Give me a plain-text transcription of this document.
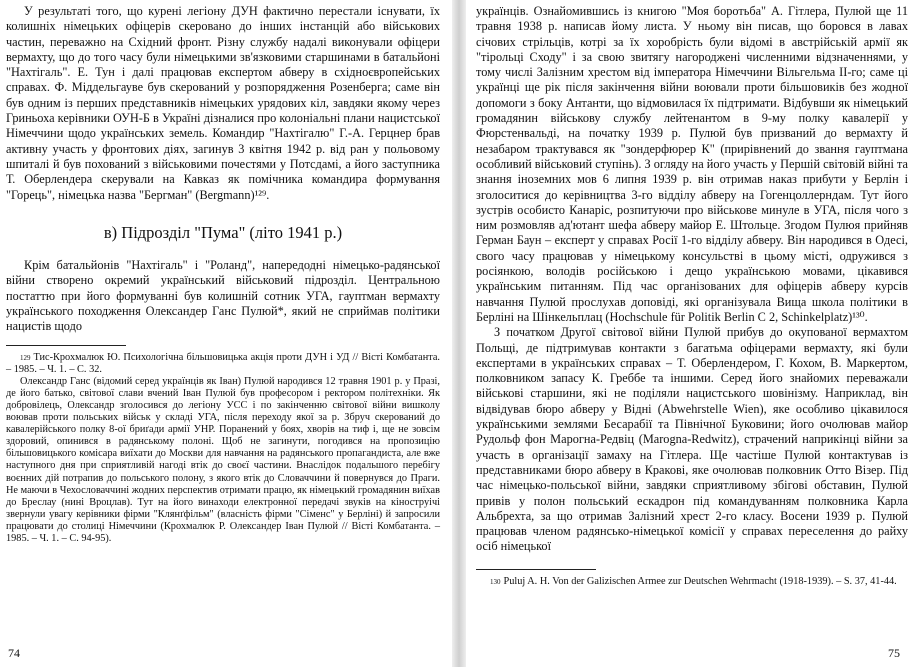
У результаті того, що курені легіону ДУН фактично перестали існувати, їх колишніх німецьких офіцерів скеровано до інших інстанцій або військових частин, переважно на Східний фронт. Різну службу надалі виконували офіцери вермахту, що до того часу були німецькими зв'язковими старшинами в батальйоні "Нахтігаль". Е. Тун і далі працював експертом абверу в східноєвропейських справах. Ф. Міддельгауве був скерований у розпорядження Розенберга; саме він був одним із перших представників німецьких урядових кіл, завдяки якому через Гриньоха керівники ОУН-Б в Україні дізналися про колоніальні плани нацистської Німеччини щодо українських земель. Командир "Нахтігалю" Г.-А. Герцнер брав активну участь у фронтових діях, загинув 3 квітня 1942 р. від ран у польовому шпиталі й був похований з військовими почестями у Потсдамі, а його заступника Т. Оберлендера скерували на Кавказ як помічника командира формування "Горець", німецька назва "Бергман" (Bergmann)¹²⁹.

в) Підрозділ "Пума" (літо 1941 р.)

Крім батальйонів "Нахтігаль" і "Роланд", напередодні німецько-радянської війни створено окремий український військовий підрозділ. Центральною постаттю при його формуванні був колишній сотник УГА, гауптман вермахту українського походження Олександер Ганс Пулюй*, який не сприймав політики нацистів щодо

$^{129}$ Тис-Крохмалюк Ю. Психологічна більшовицька акція проти ДУН і УД // Вісті Комбатанта. – 1985. – Ч. 1. – С. 32.

Олександр Ганс (відомий серед українців як Іван) Пулюй народився 12 травня 1901 р. у Празі, де його батько, світової слави вчений Іван Пулюй був професором і ректором політехніки. Як добровілець, Олександр зголосився до легіону УСС і по закінченню світової війни вишколу воював проти польських військ у складі УГА, після переходу якої за р. Збруч скерований до кавалерійського полку 8-ої бриґади армії УНР. Поранений у боях, хворів на тиф і, ще не зовсім здоровий, опинився в радянському полоні. Щоб не загинути, погодився на пропозицію більшовицького комісара виїхати до Москви для навчання на радянського пропагандиста, але вже наступного дня при сприятливій нагоді втік до своєї частини. Внаслідок подальшого перебігу воєнних дій потрапив до польського полону, з якого втік до Словаччини й повернувся до Праги. Не маючи в Чехословаччині жодних перспектив отримати працю, як німецький громадянин виїхав до Бреслау (нині Вроцлав). Тут на його винаходи електронної передачі звуків на кіноструічі звернули увагу керівники фірми "Клянґфільм" (власність фірми "Сіменс" у Берліні) й запросили працювати до столиці Німеччини (Крохмалюк Р. Олександер Іван Пулюй // Вісті Комбатанта. – 1985. – Ч. 1. – С. 94-95).

українців. Ознайомившись із книгою "Моя боротьба" А. Гітлера, Пулюй ще 11 травня 1938 р. написав йому листа. У ньому він писав, що боровся в лавах січових стрільців, котрі за їх хоробрість були відомі в австрійській армії як "тірольці Сходу" і за свою звитягу нагороджені численними відзначеннями, у тому числі Залізним хрестом від імператора Німеччини Вільгельма II-го; саме ці українці ще рік після закінчення війни воювали проти більшовиків без жодної допомоги з боку Антанти, що відмовилася їх підтримати. Відбувши як німецький громадянин військову службу лейтенантом в 9-му полку кавалерії у Фюрстенвальді, на початку 1939 р. Пулюй був призваний до вермахту й незабаром трактувався як "зондерфюрер К" (прирівнений до звання гауптмана особливий військовий ступінь). З огляду на його участь у Першій світовій війні та знання іноземних мов 6 липня 1939 р. він отримав наказ прибути у Берлін і зголоситися до керівництва 3-го відділу абверу на Гогенцоллерндам. Тут його зустрів особисто Канаріс, розпитуючи про військове минуле в УГА, після чого з ним розмовляв ад'ютант шефа абверу майор Е. Штольце. Згодом Пулюя прийняв Герман Баун – експерт у справах Росії 1-го відділу абверу. Він народився в Одесі, свого часу працював у німецькому консульстві в цьому місті, одружився з росіянкою, володів російською і дещо українською мовами, цікавився українським питанням. Під час організованих для офіцерів абверу курсів навчання Пулюй прослухав доповіді, які організувала Вища школа політики в Берліні на Шінкельплац (Hochschule für Politik Berlin C 2, Schinkelplatz)¹³⁰.

З початком Другої світової війни Пулюй прибув до окупованої вермахтом Польщі, де підтримував контакти з багатьма офіцерами вермахту, які були експертами в українських справах – Т. Оберлендером, Г. Кохом, В. Маркертом, полковником запасу К. Греббе та іншими. Серед його знайомих переважали військові старшини, які не поділяли нацистського шовінізму. Наприклад, він відвідував бюро абверу у Відні (Abwehrstelle Wien), яке особливо цікавилося українськими землями Бесарабії та Північної Буковини; його очолював майор Рудольф фон Марогна-Редвіц (Marogna-Redwitz), страчений наприкінці війни за участь в організації замаху на Гітлера. Ще частіше Пулюй контактував із представниками бюро абверу в Кракові, яке очолював полковник Отто Візер. Під час німецько-польської війни, завдяки сприятливому збігові обставин, Пулюй привів у полон польський ескадрон під командуванням полковника Карла Альбрехта, за що отримав Залізний хрест 2-го класу. Восени 1939 р. Пулюй працював членом радянсько-німецької комісії у справах переселення до райху осіб німецької

$^{130}$ Puluj A. H. Von der Galizischen Armee zur Deutschen Wehrmacht (1918-1939). – S. 37, 41-44.

74	75
